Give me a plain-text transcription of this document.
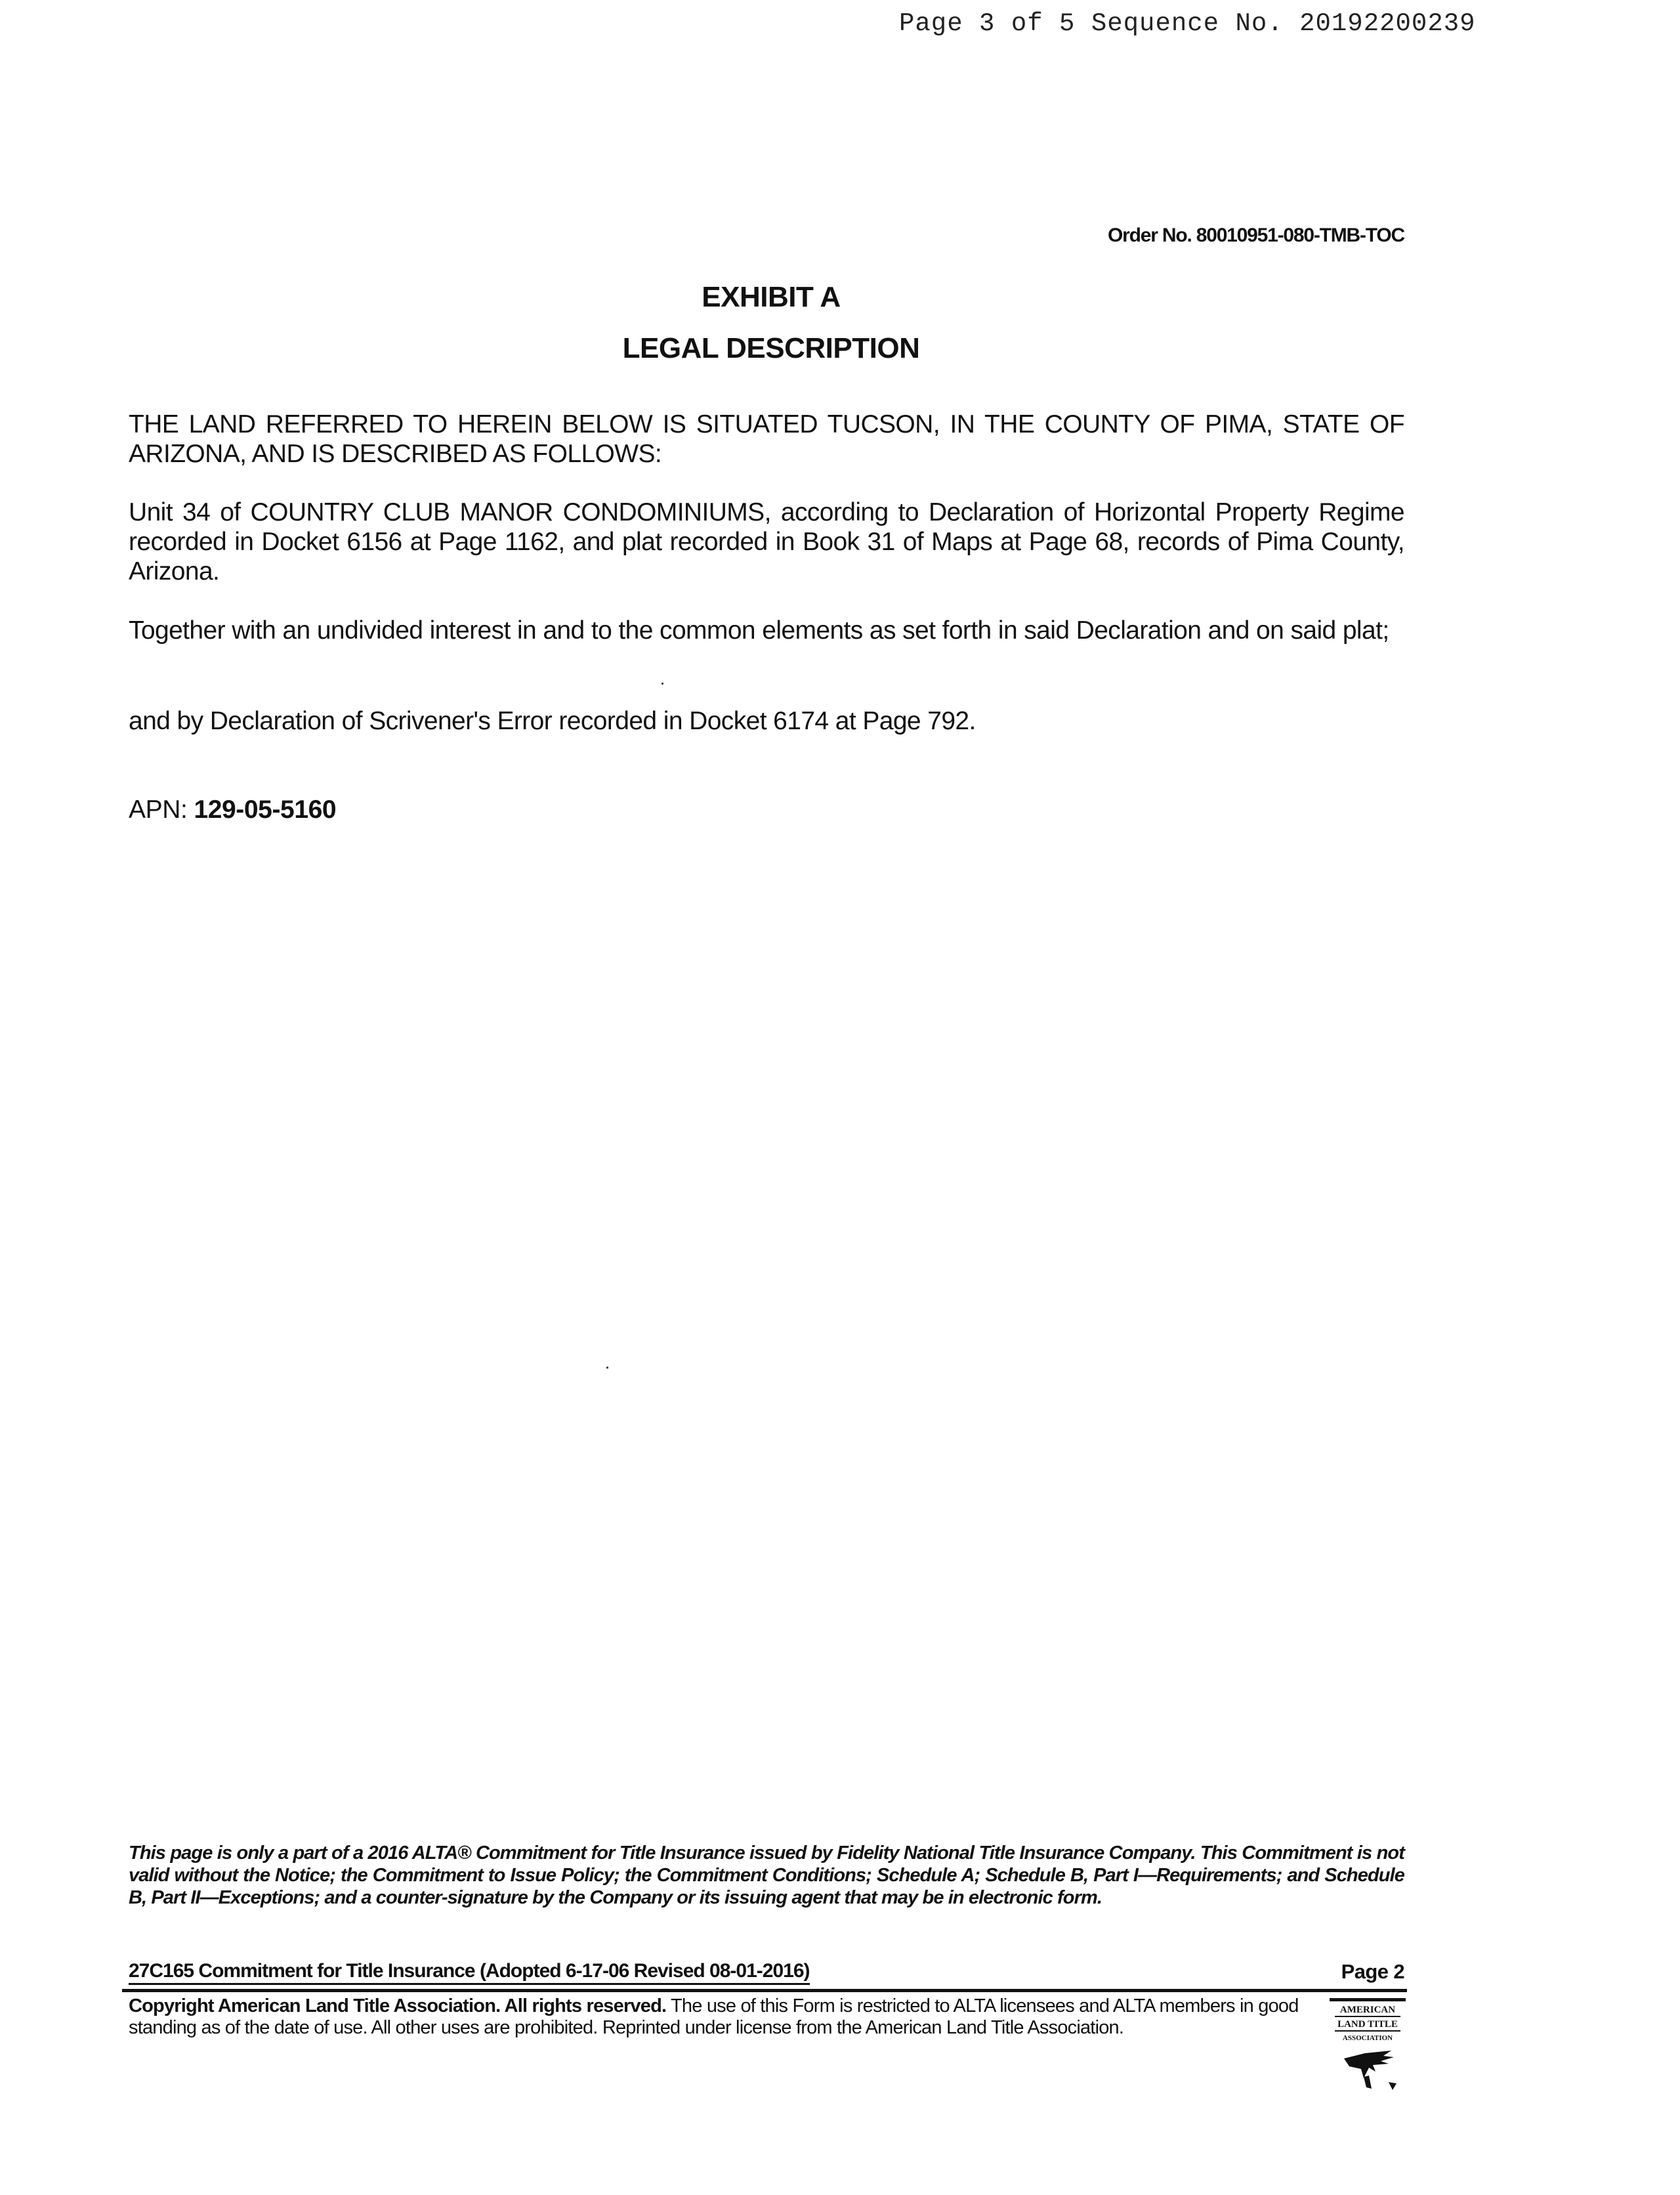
Page 3 of 5 Sequence No. 20192200239
Order No. 80010951-080-TMB-TOC
EXHIBIT A
LEGAL DESCRIPTION
THE LAND REFERRED TO HEREIN BELOW IS SITUATED TUCSON, IN THE COUNTY OF PIMA, STATE OF ARIZONA, AND IS DESCRIBED AS FOLLOWS:
Unit 34 of COUNTRY CLUB MANOR CONDOMINIUMS, according to Declaration of Horizontal Property Regime recorded in Docket 6156 at Page 1162, and plat recorded in Book 31 of Maps at Page 68, records of Pima County, Arizona.
Together with an undivided interest in and to the common elements as set forth in said Declaration and on said plat;
and by Declaration of Scrivener's Error recorded in Docket 6174 at Page 792.
APN: 129-05-5160
This page is only a part of a 2016 ALTA® Commitment for Title Insurance issued by Fidelity National Title Insurance Company. This Commitment is not valid without the Notice; the Commitment to Issue Policy; the Commitment Conditions; Schedule A; Schedule B, Part I—Requirements; and Schedule B, Part II—Exceptions; and a counter-signature by the Company or its issuing agent that may be in electronic form.
27C165 Commitment for Title Insurance (Adopted 6-17-06 Revised 08-01-2016)	Page 2
Copyright American Land Title Association. All rights reserved. The use of this Form is restricted to ALTA licensees and ALTA members in good standing as of the date of use. All other uses are prohibited. Reprinted under license from the American Land Title Association.
AMERICAN
LAND TITLE
ASSOCIATION
